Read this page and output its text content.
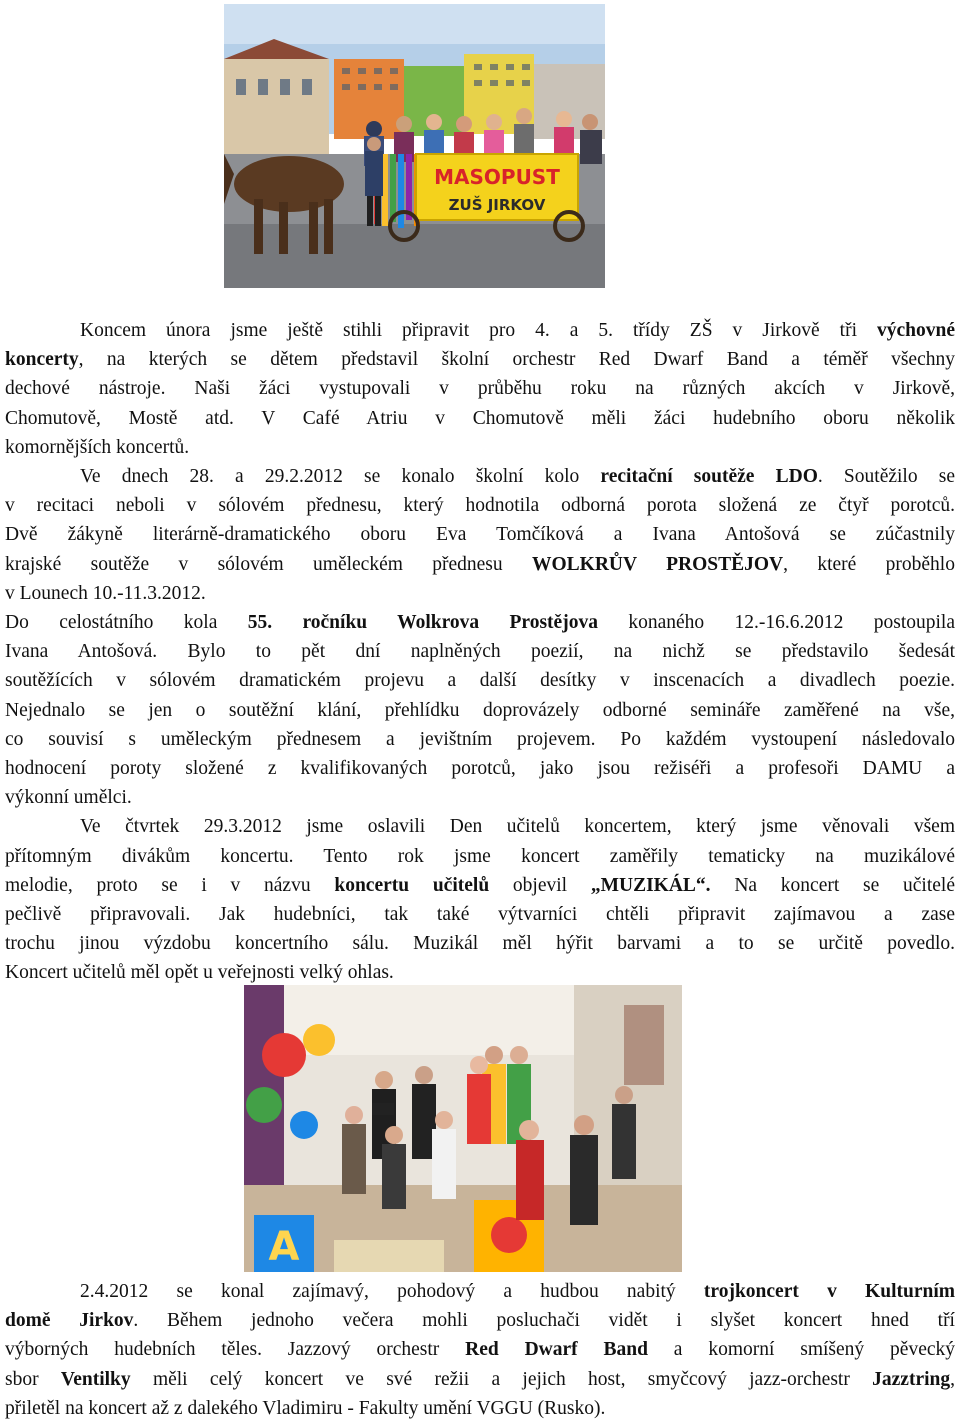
MASOPUST
ZUŠ JIRKOV
Koncem února jsme ještě stihli připravit pro 4. a 5. třídy ZŠ v Jirkově tři výchovné
koncerty, na kterých se dětem představil školní orchestr Red Dwarf Band a téměř všechny
dechové nástroje. Naši žáci vystupovali v průběhu roku na různých akcích v Jirkově,
Chomutově, Mostě atd. V Café Atriu v Chomutově měli žáci hudebního oboru několik
komornějších koncertů.
Ve dnech 28. a 29.2.2012 se konalo školní kolo recitační soutěže LDO. Soutěžilo se
v recitaci neboli v sólovém přednesu, který hodnotila odborná porota složená ze čtyř porotců.
Dvě žákyně literárně-dramatického oboru Eva Tomčíková a Ivana Antošová se zúčastnily
krajské soutěže v sólovém uměleckém přednesu WOLKRŮV PROSTĚJOV, které proběhlo
v Lounech 10.-11.3.2012.
Do celostátního kola 55. ročníku Wolkrova Prostějova konaného 12.-16.6.2012 postoupila
Ivana Antošová. Bylo to pět dní naplněných poezií, na nichž se představilo šedesát
soutěžících v sólovém dramatickém projevu a další desítky v inscenacích a divadlech poezie.
Nejednalo se jen o soutěžní klání, přehlídku doprovázely odborné semináře zaměřené na vše,
co souvisí s uměleckým přednesem a jevištním projevem. Po každém vystoupení následovalo
hodnocení poroty složené z kvalifikovaných porotců, jako jsou režiséři a profesoři DAMU a
výkonní umělci.
Ve čtvrtek 29.3.2012 jsme oslavili Den učitelů koncertem, který jsme věnovali všem
přítomným divákům koncertu. Tento rok jsme koncert zaměřily tematicky na muzikálové
melodie, proto se i v názvu koncertu učitelů objevil „MUZIKÁL“. Na koncert se učitelé
pečlivě připravovali. Jak hudebníci, tak také výtvarníci chtěli připravit zajímavou a zase
trochu jinou výzdobu koncertního sálu. Muzikál měl hýřit barvami a to se určitě povedlo.
Koncert učitelů měl opět u veřejnosti velký ohlas.
A
2.4.2012 se konal zajímavý, pohodový a hudbou nabitý trojkoncert v Kulturním
domě Jirkov. Během jednoho večera mohli posluchači vidět i slyšet koncert hned tří
výborných hudebních těles. Jazzový orchestr Red Dwarf Band a komorní smíšený pěvecký
sbor Ventilky měli celý koncert ve své režii a jejich host, smyčcový jazz-orchestr Jazztring,
přiletěl na koncert až z dalekého Vladimiru - Fakulty umění VGGU (Rusko).
